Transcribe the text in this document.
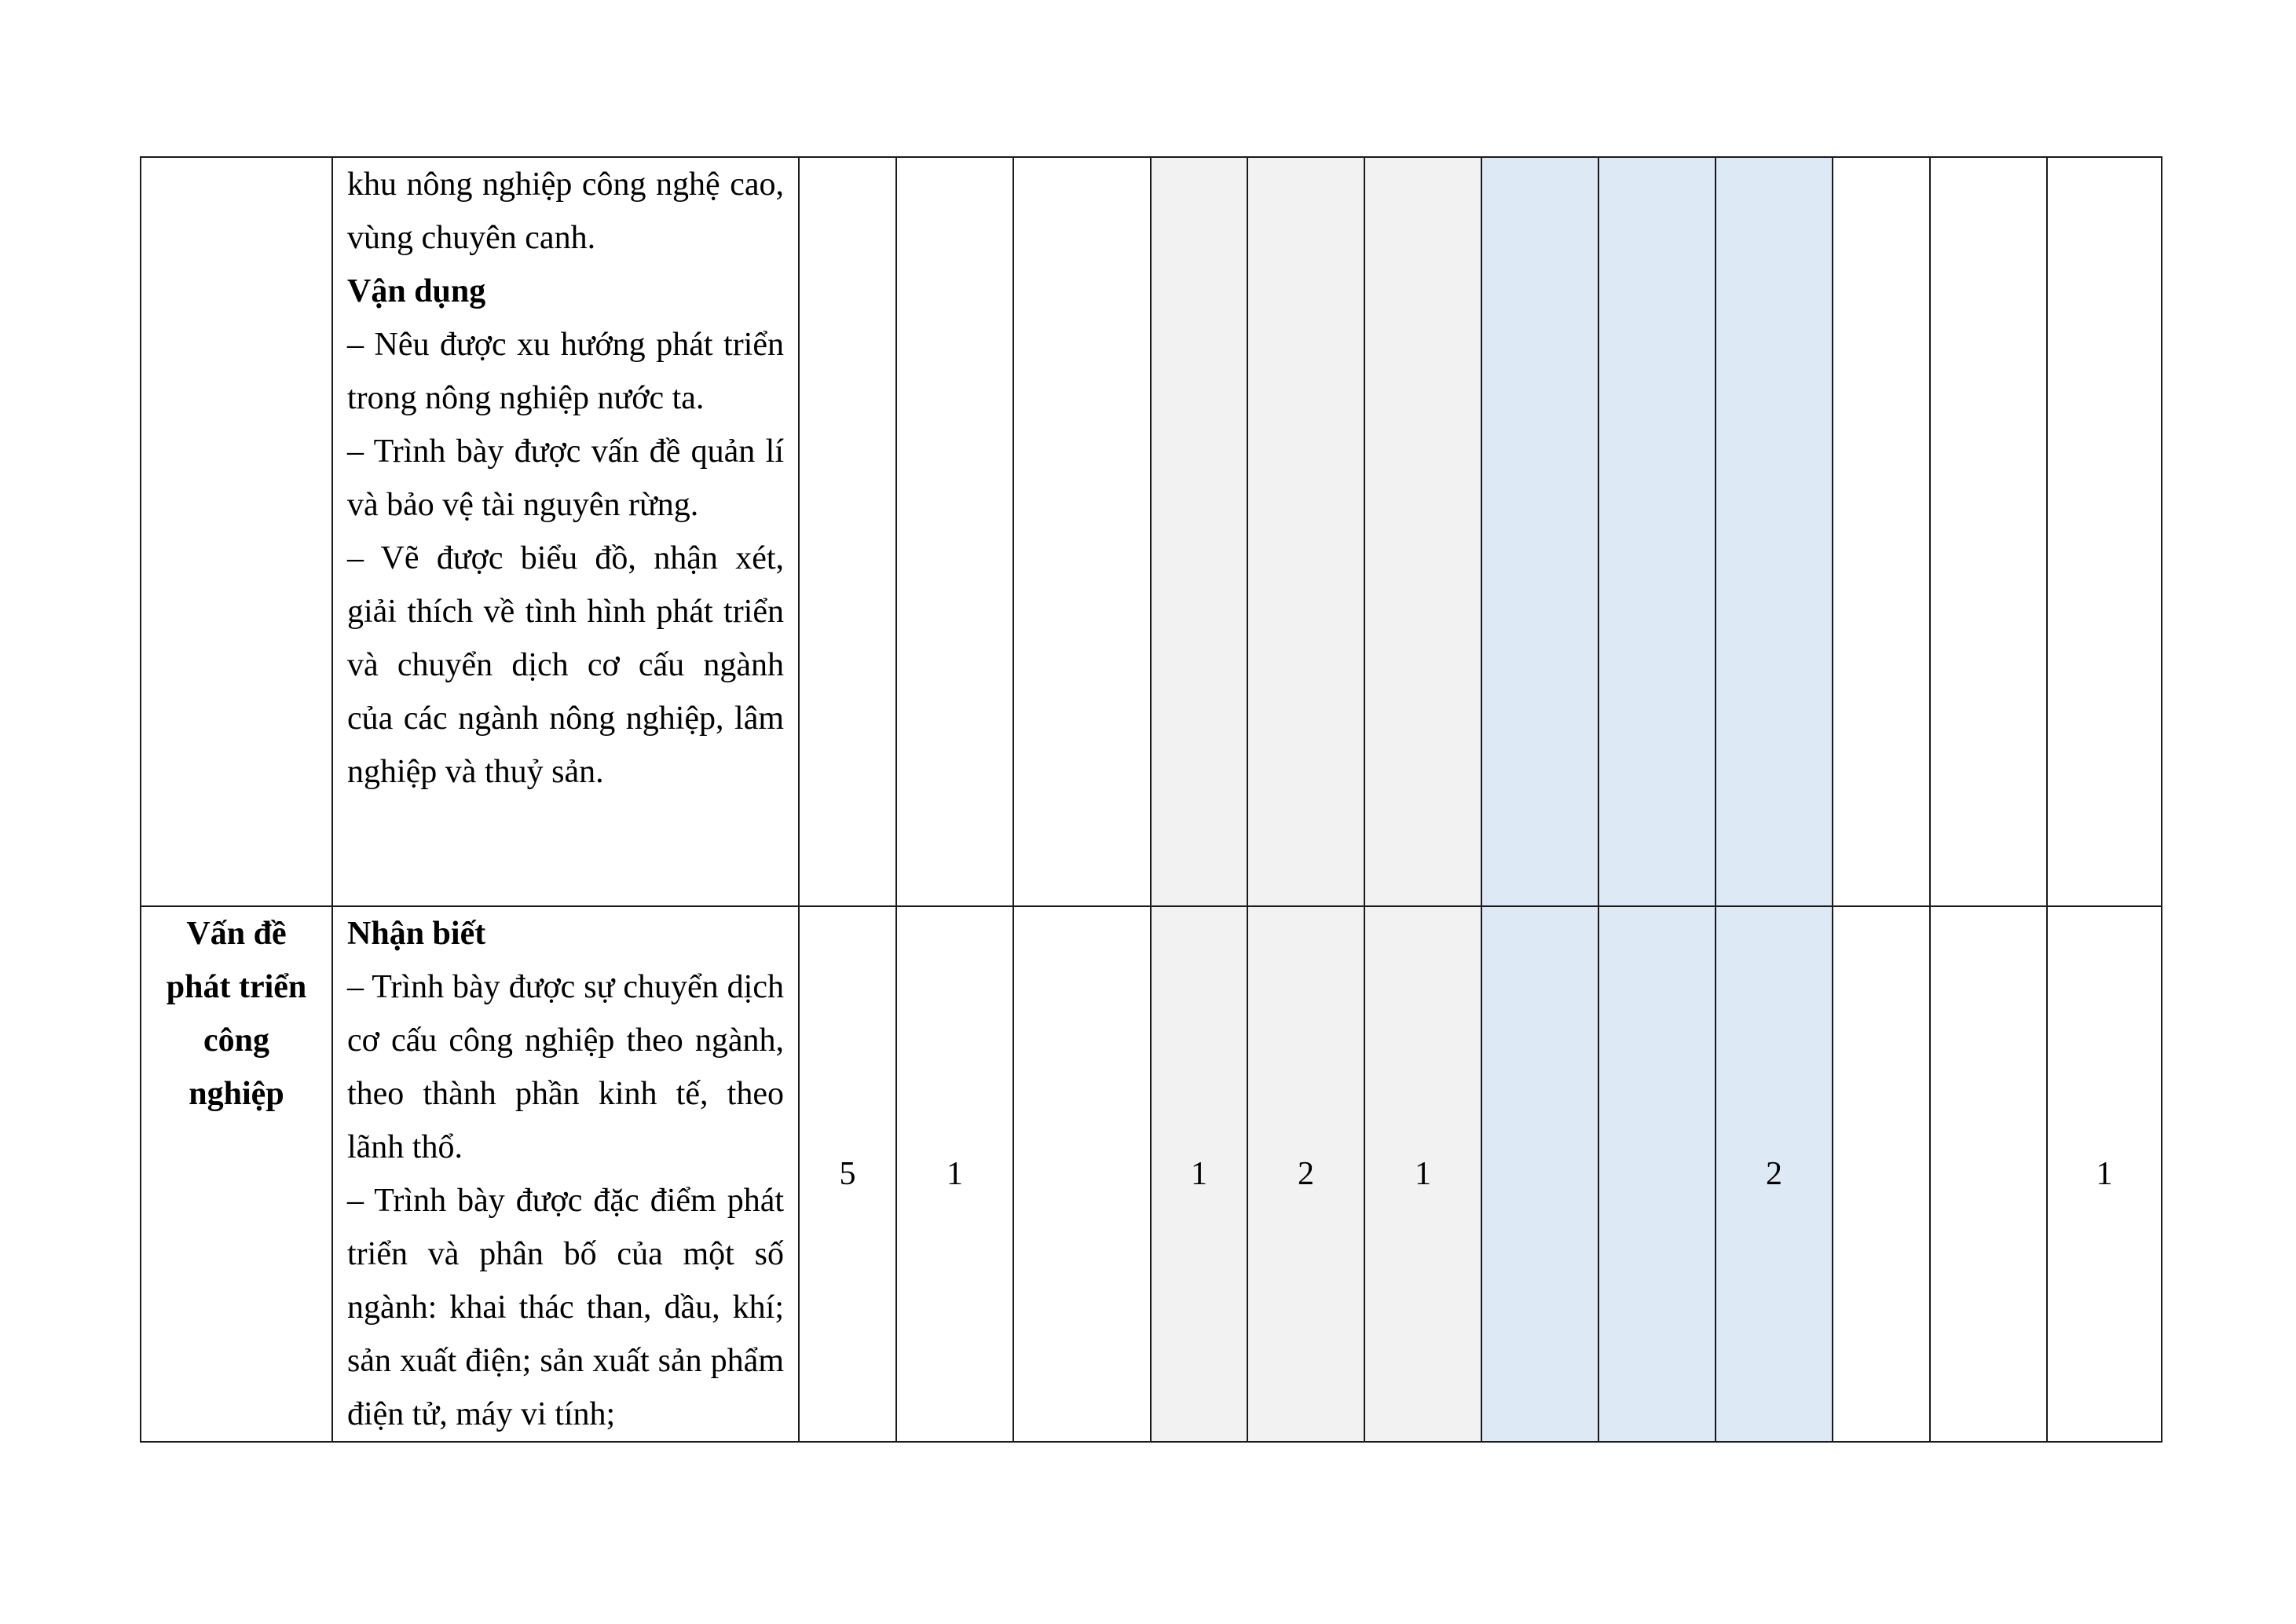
	khu nông nghiệp công nghệ cao, vùng chuyên canh.

Vận dụng

– Nêu được xu hướng phát triển trong nông nghiệp nước ta.

– Trình bày được vấn đề quản lí và bảo vệ tài nguyên rừng.

– Vẽ được biểu đồ, nhận xét, giải thích về tình hình phát triển và chuyển dịch cơ cấu ngành của các ngành nông nghiệp, lâm nghiệp và thuỷ sản.												

Vấn đề phát triển công nghiệp	Nhận biết

– Trình bày được sự chuyển dịch cơ cấu công nghiệp theo ngành, theo thành phần kinh tế, theo lãnh thổ.

– Trình bày được đặc điểm phát triển và phân bố của một số ngành: khai thác than, dầu, khí; sản xuất điện; sản xuất sản phẩm điện tử, máy vi tính;	5	1		1	2	1			2			1
